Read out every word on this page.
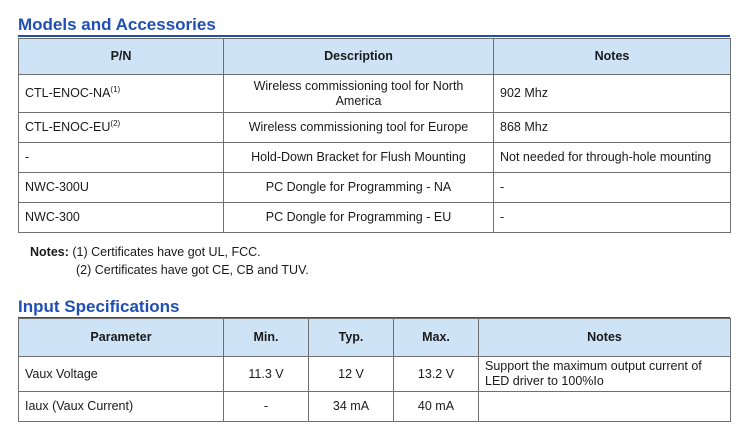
Models and Accessories
P/N	Description	Notes
CTL-ENOC-NA$^{(1)}$	Wireless commissioning tool for North America	902 Mhz
CTL-ENOC-EU$^{(2)}$	Wireless commissioning tool for Europe	868 Mhz
-	Hold-Down Bracket for Flush Mounting	Not needed for through-hole mounting
NWC-300U	PC Dongle for Programming - NA	-
NWC-300	PC Dongle for Programming - EU	-
Notes: (1) Certificates have got UL, FCC.
(2) Certificates have got CE, CB and TUV.
Input Specifications
Parameter	Min.	Typ.	Max.	Notes
Vaux Voltage	11.3 V	12 V	13.2 V	Support the maximum output current of LED driver to 100%Io
Iaux (Vaux Current)	-	34 mA	40 mA	
